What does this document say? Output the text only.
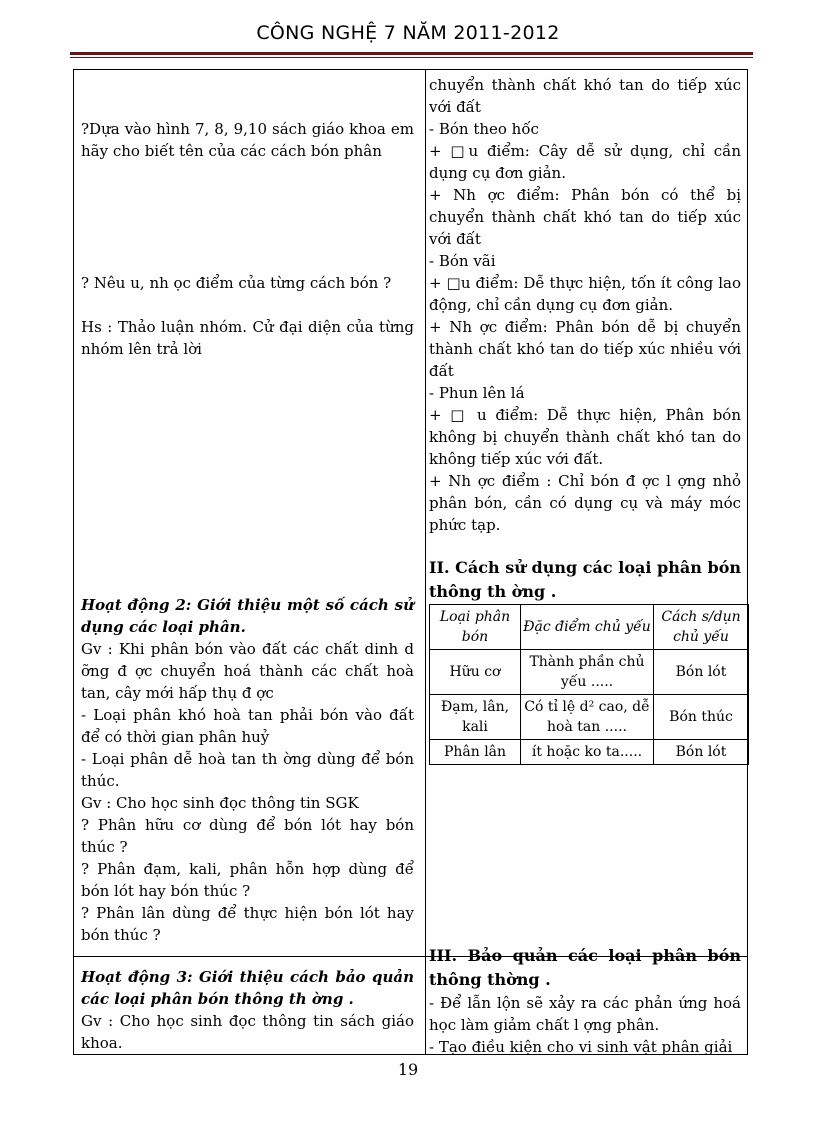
CÔNG NGHỆ 7 NĂM 2011-2012

?Dựa vào hình 7, 8, 9,10 sách giáo khoa em hãy cho biết tên của các cách bón phân

? Nêu u, nh ọc điểm của từng cách bón ?

Hs : Thảo luận nhóm. Cử đại diện của từng nhóm lên trả lời

Hoạt động 2: Giới thiệu một số cách sử dụng các loại phân.

Gv : Khi phân bón vào đất các chất dinh d ỡng đ ợc chuyển hoá thành các chất hoà tan, cây mới hấp thụ đ ợc

- Loại phân khó hoà tan phải bón vào đất để có thời gian phân huỷ

- Loại phân dễ hoà tan th ờng dùng để bón thúc.

Gv : Cho học sinh đọc thông tin SGK

? Phân hữu cơ dùng để bón lót hay bón thúc ?

? Phân đạm, kali, phân hỗn hợp dùng để bón lót hay bón thúc ?

? Phân lân dùng để thực hiện bón lót hay bón thúc ?

Hoạt động 3: Giới thiệu cách bảo quản các loại phân bón thông th ờng .

Gv : Cho học sinh đọc thông tin sách giáo khoa.

chuyển thành chất khó tan do tiếp xúc với đất

- Bón theo hốc

+ □u điểm: Cây dễ sử dụng, chỉ cần dụng cụ đơn giản.

+ Nh ợc điểm: Phân bón có thể bị chuyển thành chất khó tan do tiếp xúc với đất

- Bón vãi

+ □u điểm: Dễ thực hiện, tốn ít công lao động, chỉ cần dụng cụ đơn giản.

+ Nh ợc điểm: Phân bón dễ bị chuyển thành chất khó tan do tiếp xúc nhiều với đất

- Phun lên lá

+ □ u điểm: Dễ thực hiện, Phân bón không bị chuyển thành chất khó tan do không tiếp xúc với đất.

+ Nh ợc điểm : Chỉ bón đ ợc l ợng nhỏ phân bón, cần có dụng cụ và máy móc phức tạp.

II. Cách sử dụng các loại phân bón thông th ờng .

Loại phân bón	Đặc điểm chủ yếu	Cách s/dụn chủ yếu
Hữu cơ	Thành phần chủ yếu .....	Bón lót
Đạm, lân, kali	Có tỉ lệ d² cao, dễ hoà tan .....	Bón thúc
Phân lân	ít hoặc ko ta.....	Bón lót

III. Bảo quản các loại phân bón thông thờng .

- Để lẫn lộn sẽ xảy ra các phản ứng hoá học làm giảm chất l ợng phân.

- Tạo điều kiện cho vi sinh vật phân giải

19
